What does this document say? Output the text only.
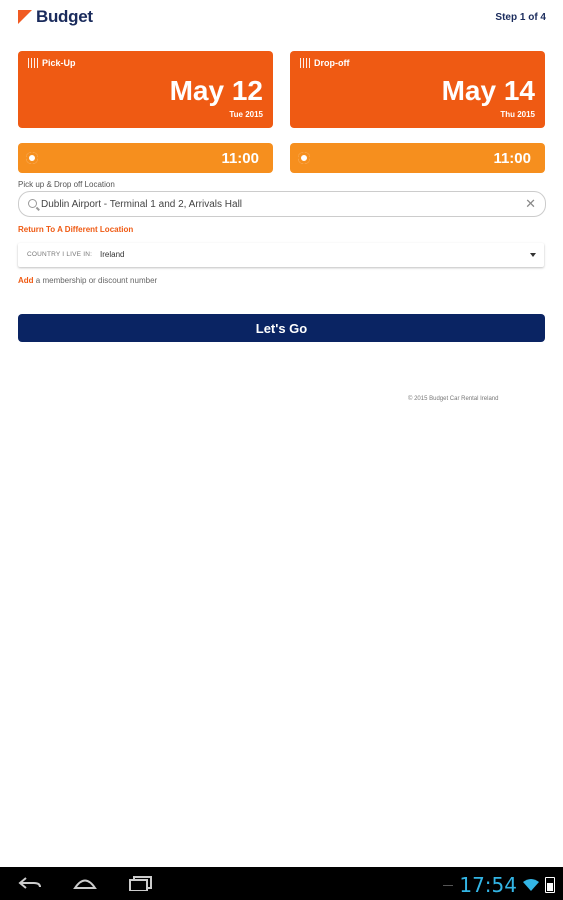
Budget	Step 1 of 4
Pick-Up
May 12
Tue 2015
Drop-off
May 14
Thu 2015
11:00	11:00
Pick up & Drop off Location
Dublin Airport - Terminal 1 and 2, Arrivals Hall
✕
Return To A Different Location
COUNTRY I LIVE IN: Ireland
Add a membership or discount number
Let's Go
© 2015 Budget Car Rental Ireland
17:54
